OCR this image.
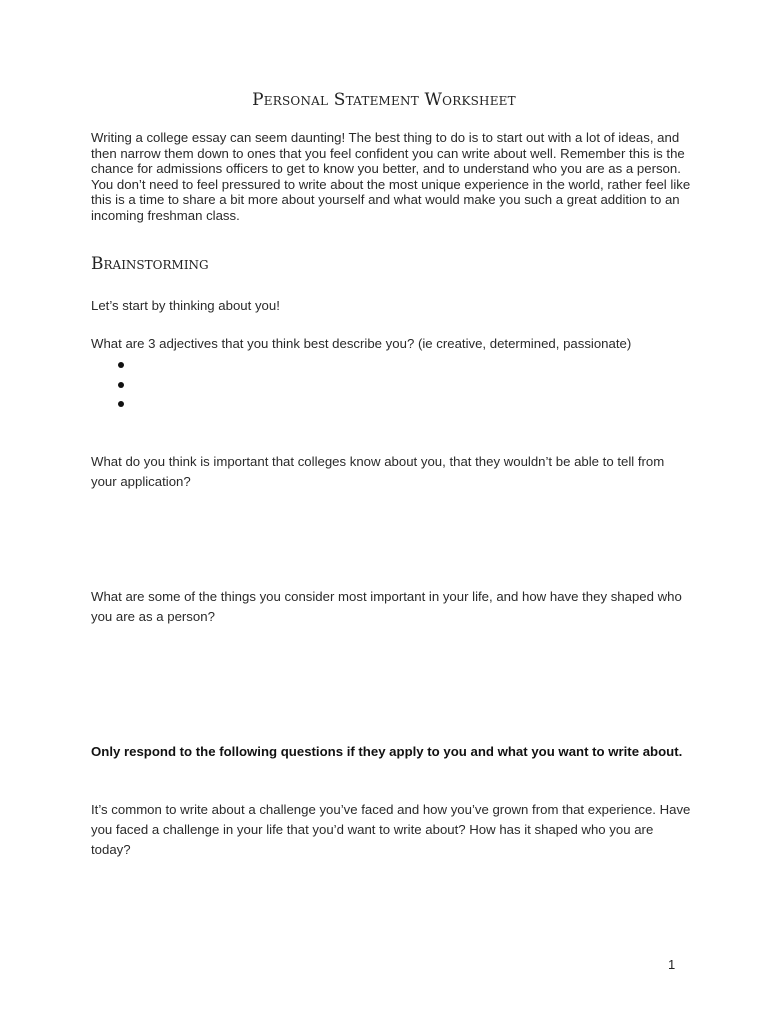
Personal Statement Worksheet
Writing a college essay can seem daunting! The best thing to do is to start out with a lot of ideas, and then narrow them down to ones that you feel confident you can write about well. Remember this is the chance for admissions officers to get to know you better, and to understand who you are as a person. You don’t need to feel pressured to write about the most unique experience in the world, rather feel like this is a time to share a bit more about yourself and what would make you such a great addition to an incoming freshman class.
Brainstorming
Let’s start by thinking about you!
What are 3 adjectives that you think best describe you? (ie creative, determined, passionate)
What do you think is important that colleges know about you, that they wouldn’t be able to tell from your application?
What are some of the things you consider most important in your life, and how have they shaped who you are as a person?
Only respond to the following questions if they apply to you and what you want to write about.
It’s common to write about a challenge you’ve faced and how you’ve grown from that experience. Have you faced a challenge in your life that you’d want to write about? How has it shaped who you are today?
1
